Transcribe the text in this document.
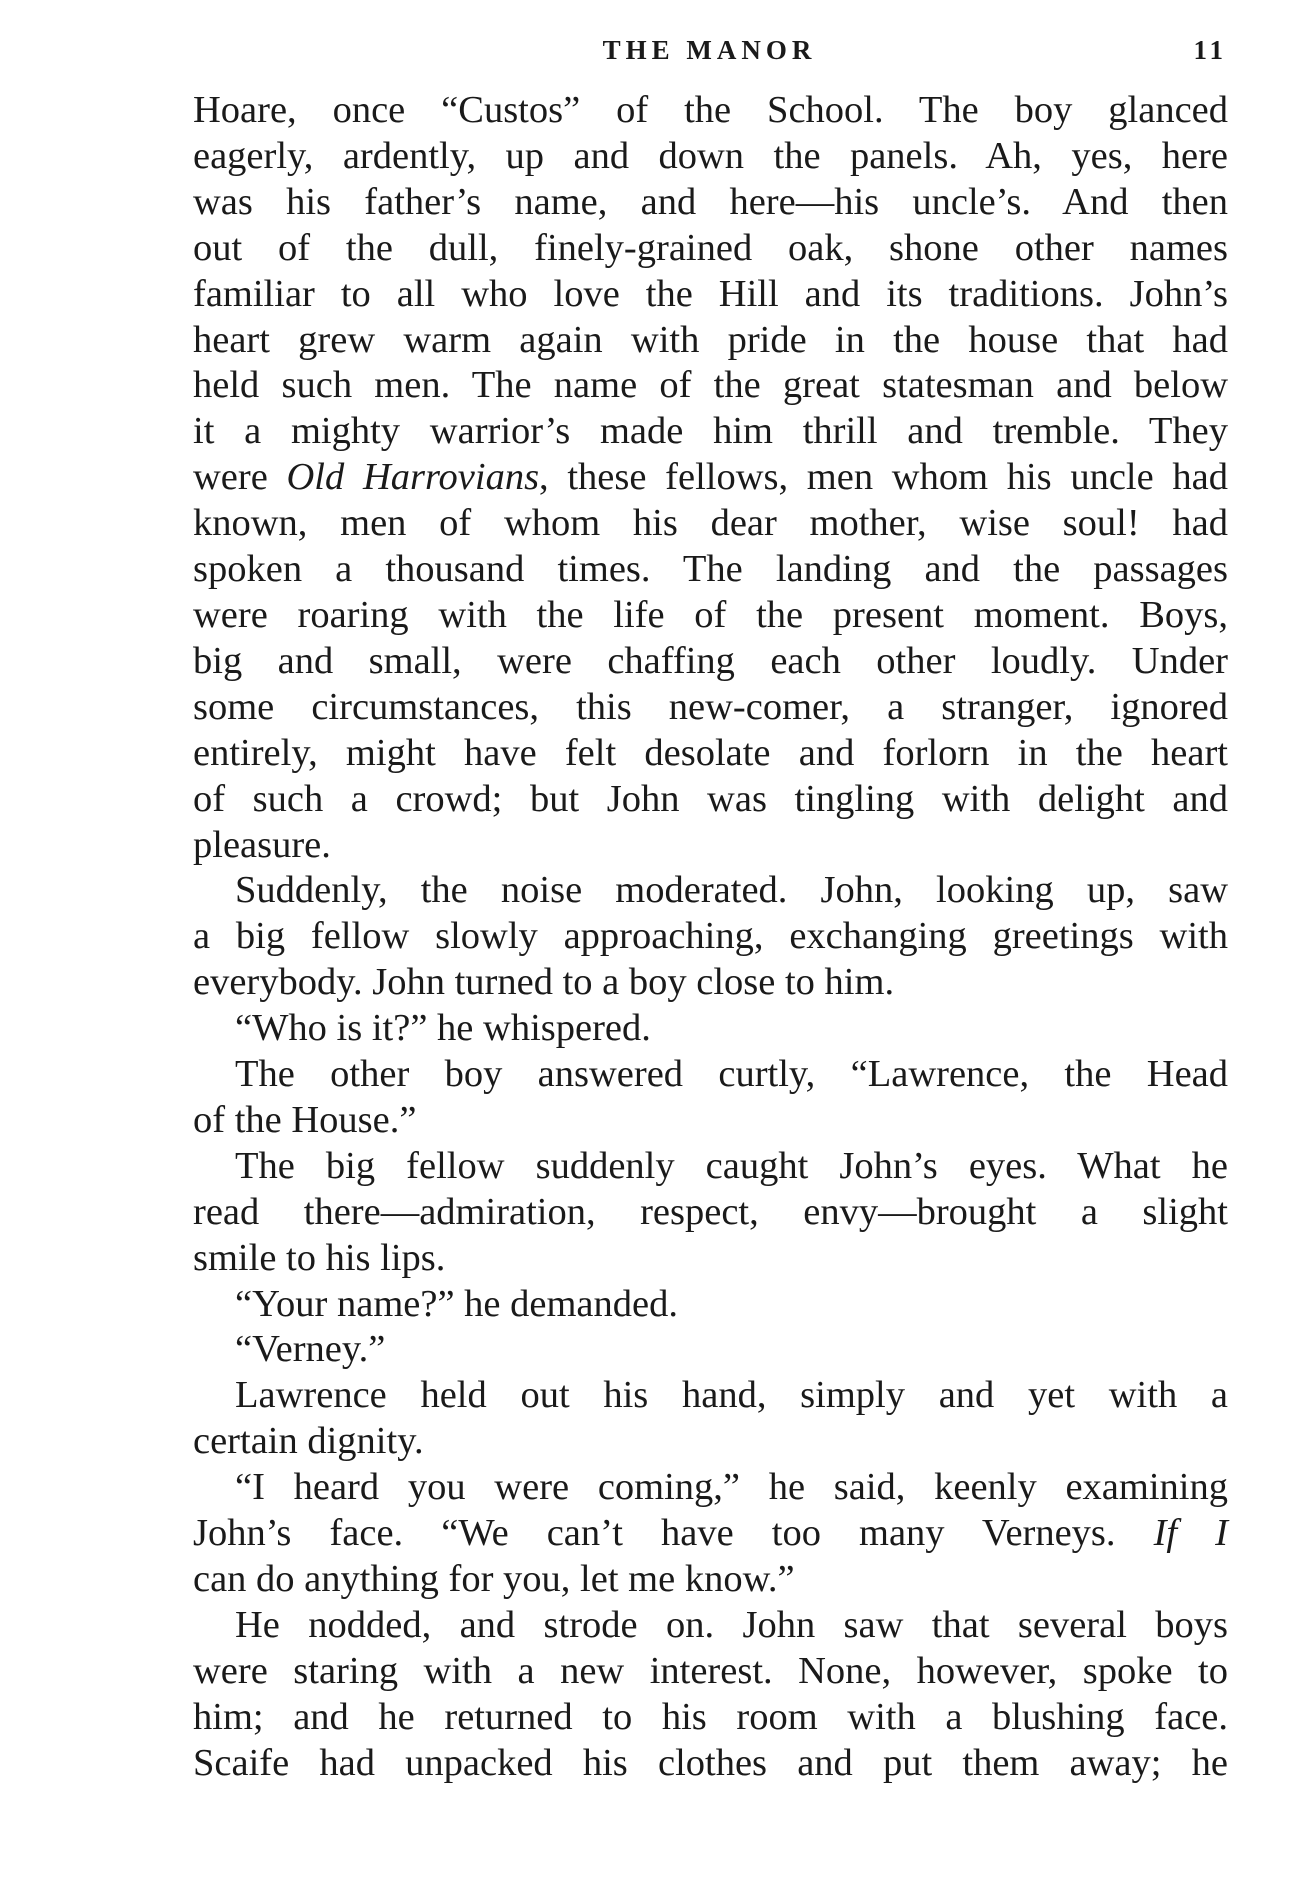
THE MANOR	11
Hoare, once “Custos” of the School. The boy glanced
eagerly, ardently, up and down the panels. Ah, yes, here
was his father’s name, and here—his uncle’s. And then
out of the dull, finely-grained oak, shone other names
familiar to all who love the Hill and its traditions. John’s
heart grew warm again with pride in the house that had
held such men. The name of the great statesman and below
it a mighty warrior’s made him thrill and tremble. They
were Old Harrovians, these fellows, men whom his uncle had
known, men of whom his dear mother, wise soul! had
spoken a thousand times. The landing and the passages
were roaring with the life of the present moment. Boys,
big and small, were chaffing each other loudly. Under
some circumstances, this new-comer, a stranger, ignored
entirely, might have felt desolate and forlorn in the heart
of such a crowd; but John was tingling with delight and
pleasure.
Suddenly, the noise moderated. John, looking up, saw
a big fellow slowly approaching, exchanging greetings with
everybody. John turned to a boy close to him.
“Who is it?” he whispered.
The other boy answered curtly, “Lawrence, the Head
of the House.”
The big fellow suddenly caught John’s eyes. What he
read there—admiration, respect, envy—brought a slight
smile to his lips.
“Your name?” he demanded.
“Verney.”
Lawrence held out his hand, simply and yet with a
certain dignity.
“I heard you were coming,” he said, keenly examining
John’s face. “We can’t have too many Verneys. If I
can do anything for you, let me know.”
He nodded, and strode on. John saw that several boys
were staring with a new interest. None, however, spoke to
him; and he returned to his room with a blushing face.
Scaife had unpacked his clothes and put them away; he
